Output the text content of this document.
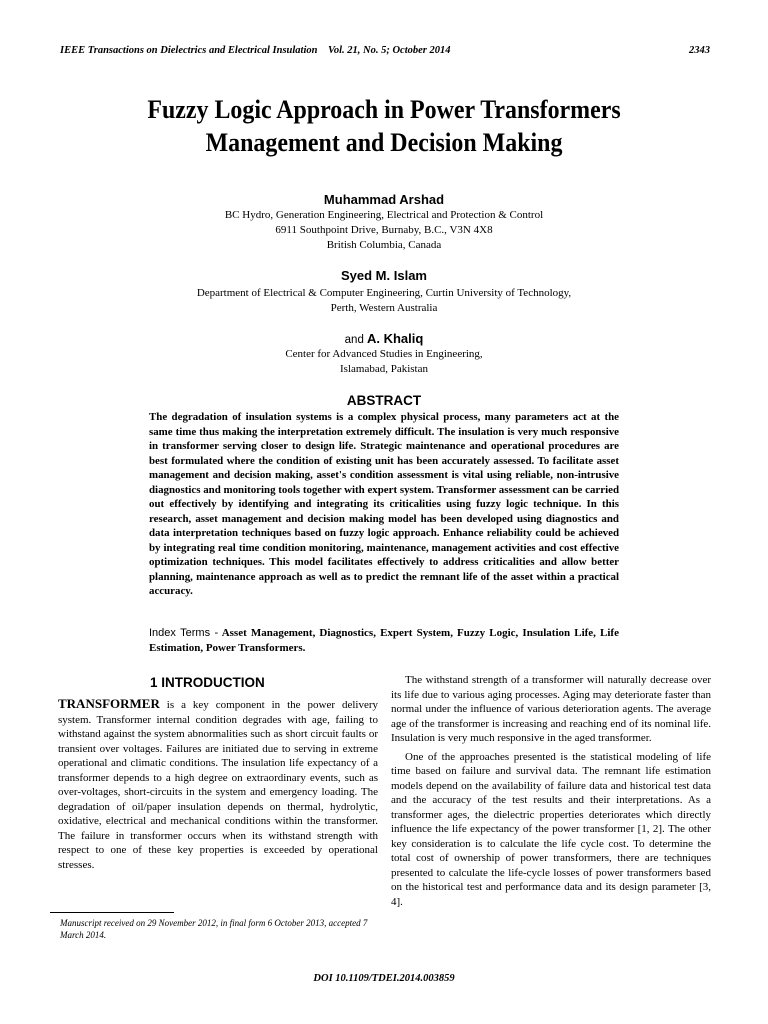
IEEE Transactions on Dielectrics and Electrical Insulation Vol. 21, No. 5; October 2014	2343
Fuzzy Logic Approach in Power Transformers
Management and Decision Making
Muhammad Arshad
BC Hydro, Generation Engineering, Electrical and Protection & Control
6911 Southpoint Drive, Burnaby, B.C., V3N 4X8
British Columbia, Canada
Syed M. Islam
Department of Electrical & Computer Engineering, Curtin University of Technology,
Perth, Western Australia
and A. Khaliq
Center for Advanced Studies in Engineering,
Islamabad, Pakistan
ABSTRACT
The degradation of insulation systems is a complex physical process, many parameters act at the same time thus making the interpretation extremely difficult. The insulation is very much responsive in transformer serving closer to design life. Strategic maintenance and operational procedures are best formulated where the condition of existing unit has been accurately assessed. To facilitate asset management and decision making, asset's condition assessment is vital using reliable, non-intrusive diagnostics and monitoring tools together with expert system. Transformer assessment can be carried out effectively by identifying and integrating its criticalities using fuzzy logic technique. In this research, asset management and decision making model has been developed using diagnostics and data interpretation techniques based on fuzzy logic approach. Enhance reliability could be achieved by integrating real time condition monitoring, maintenance, management activities and cost effective optimization techniques. This model facilitates effectively to address criticalities and allow better planning, maintenance approach as well as to predict the remnant life of the asset within a practical accuracy.
Index Terms - Asset Management, Diagnostics, Expert System, Fuzzy Logic, Insulation Life, Life Estimation, Power Transformers.
1 INTRODUCTION

TRANSFORMER is a key component in the power delivery system. Transformer internal condition degrades with age, failing to withstand against the system abnormalities such as short circuit faults or transient over voltages. Failures are initiated due to serving in extreme operational and climatic conditions. The insulation life expectancy of a transformer depends to a high degree on extraordinary events, such as over-voltages, short-circuits in the system and emergency loading. The degradation of oil/paper insulation depends on thermal, hydrolytic, oxidative, electrical and mechanical conditions within the transformer. The failure in transformer occurs when its withstand strength with respect to one of these key properties is exceeded by operational stresses.

The withstand strength of a transformer will naturally decrease over its life due to various aging processes. Aging may deteriorate faster than normal under the influence of various deterioration agents. The average age of the transformer is increasing and reaching end of its nominal life. Insulation is very much responsive in the aged transformer.

One of the approaches presented is the statistical modeling of life time based on failure and survival data. The remnant life estimation models depend on the availability of failure data and historical test data and the accuracy of the test results and their interpretations. As a transformer ages, the dielectric properties deteriorates which directly influence the life expectancy of the power transformer [1, 2]. The other key consideration is to calculate the life cycle cost. To determine the total cost of ownership of power transformers, there are techniques presented to calculate the life-cycle losses of power transformers based on the historical test and performance data and its design parameter [3, 4].

Manuscript received on 29 November 2012, in final form 6 October 2013, accepted 7 March 2014.
DOI 10.1109/TDEI.2014.003859
